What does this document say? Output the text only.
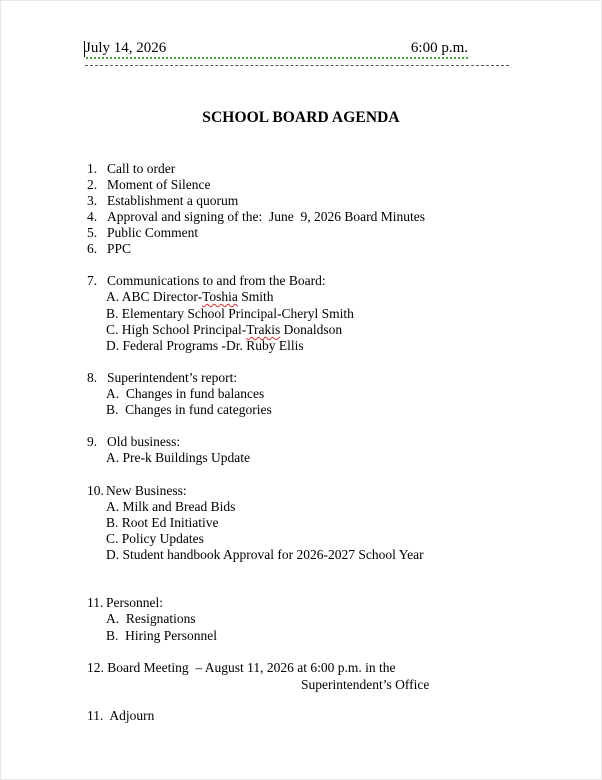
July 14, 2026	6:00 p.m.
SCHOOL BOARD AGENDA
1. Call to order
2. Moment of Silence
3. Establishment a quorum
4. Approval and signing of the:  June  9, 2026 Board Minutes
5. Public Comment
6. PPC
7. Communications to and from the Board:
A. ABC Director-Toshia Smith
B. Elementary School Principal-Cheryl Smith
C. High School Principal-Trakis Donaldson
D. Federal Programs -Dr. Ruby Ellis
8. Superintendent’s report:
A.  Changes in fund balances
B.  Changes in fund categories
9. Old business:
A. Pre-k Buildings Update
10. New Business:
A. Milk and Bread Bids
B. Root Ed Initiative
C. Policy Updates
D. Student handbook Approval for 2026-2027 School Year
11. Personnel:
A.  Resignations
B.  Hiring Personnel
12. Board Meeting  – August 11, 2026 at 6:00 p.m. in the
Superintendent’s Office
11.  Adjourn
